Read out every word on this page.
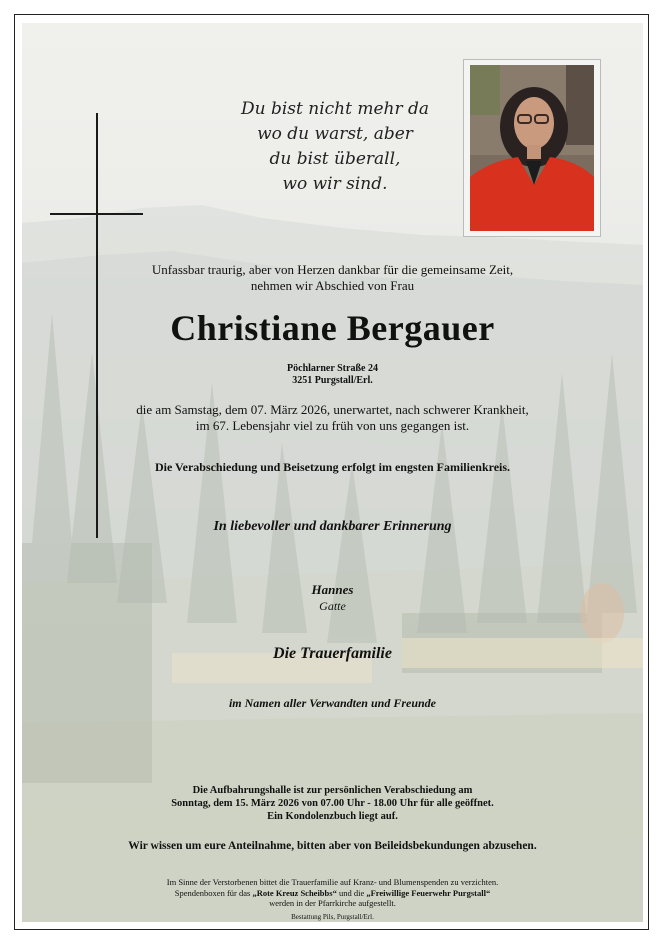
Du bist nicht mehr da
wo du warst, aber
du bist überall,
wo wir sind.
Unfassbar traurig, aber von Herzen dankbar für die gemeinsame Zeit,
nehmen wir Abschied von Frau
Christiane Bergauer
Pöchlarner Straße 24
3251 Purgstall/Erl.
die am Samstag, dem 07. März 2026, unerwartet, nach schwerer Krankheit,
im 67. Lebensjahr viel zu früh von uns gegangen ist.
Die Verabschiedung und Beisetzung erfolgt im engsten Familienkreis.
In liebevoller und dankbarer Erinnerung
Hannes
Gatte
Die Trauerfamilie
im Namen aller Verwandten und Freunde
Die Aufbahrungshalle ist zur persönlichen Verabschiedung am
Sonntag, dem 15. März 2026 von 07.00 Uhr - 18.00 Uhr für alle geöffnet.
Ein Kondolenzbuch liegt auf.
Wir wissen um eure Anteilnahme, bitten aber von Beileidsbekundungen abzusehen.
Im Sinne der Verstorbenen bittet die Trauerfamilie auf Kranz- und Blumenspenden zu verzichten.
Spendenboxen für das „Rote Kreuz Scheibbs“ und die „Freiwillige Feuerwehr Purgstall“
werden in der Pfarrkirche aufgestellt.
Bestattung Pils, Purgstall/Erl.
